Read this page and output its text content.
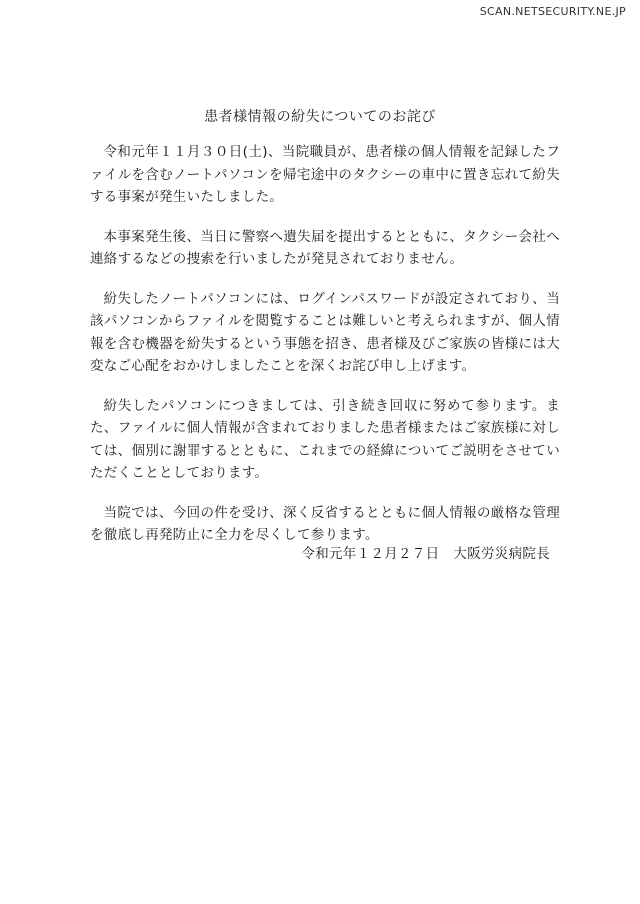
SCAN.NETSECURITY.NE.JP
患者様情報の紛失についてのお詫び

令和元年１１月３０日(土)、当院職員が、患者様の個人情報を記録したファイルを含むノートパソコンを帰宅途中のタクシーの車中に置き忘れて紛失する事案が発生いたしました。

本事案発生後、当日に警察へ遺失届を提出するとともに、タクシー会社へ連絡するなどの捜索を行いましたが発見されておりません。

紛失したノートパソコンには、ログインパスワードが設定されており、当該パソコンからファイルを閲覧することは難しいと考えられますが、個人情報を含む機器を紛失するという事態を招き、患者様及びご家族の皆様には大変なご心配をおかけしましたことを深くお詫び申し上げます。

紛失したパソコンにつきましては、引き続き回収に努めて参ります。また、ファイルに個人情報が含まれておりました患者様またはご家族様に対しては、個別に謝罪するとともに、これまでの経緯についてご説明をさせていただくこととしております。

当院では、今回の件を受け、深く反省するとともに個人情報の厳格な管理を徹底し再発防止に全力を尽くして参ります。

令和元年１２月２７日 大阪労災病院長
